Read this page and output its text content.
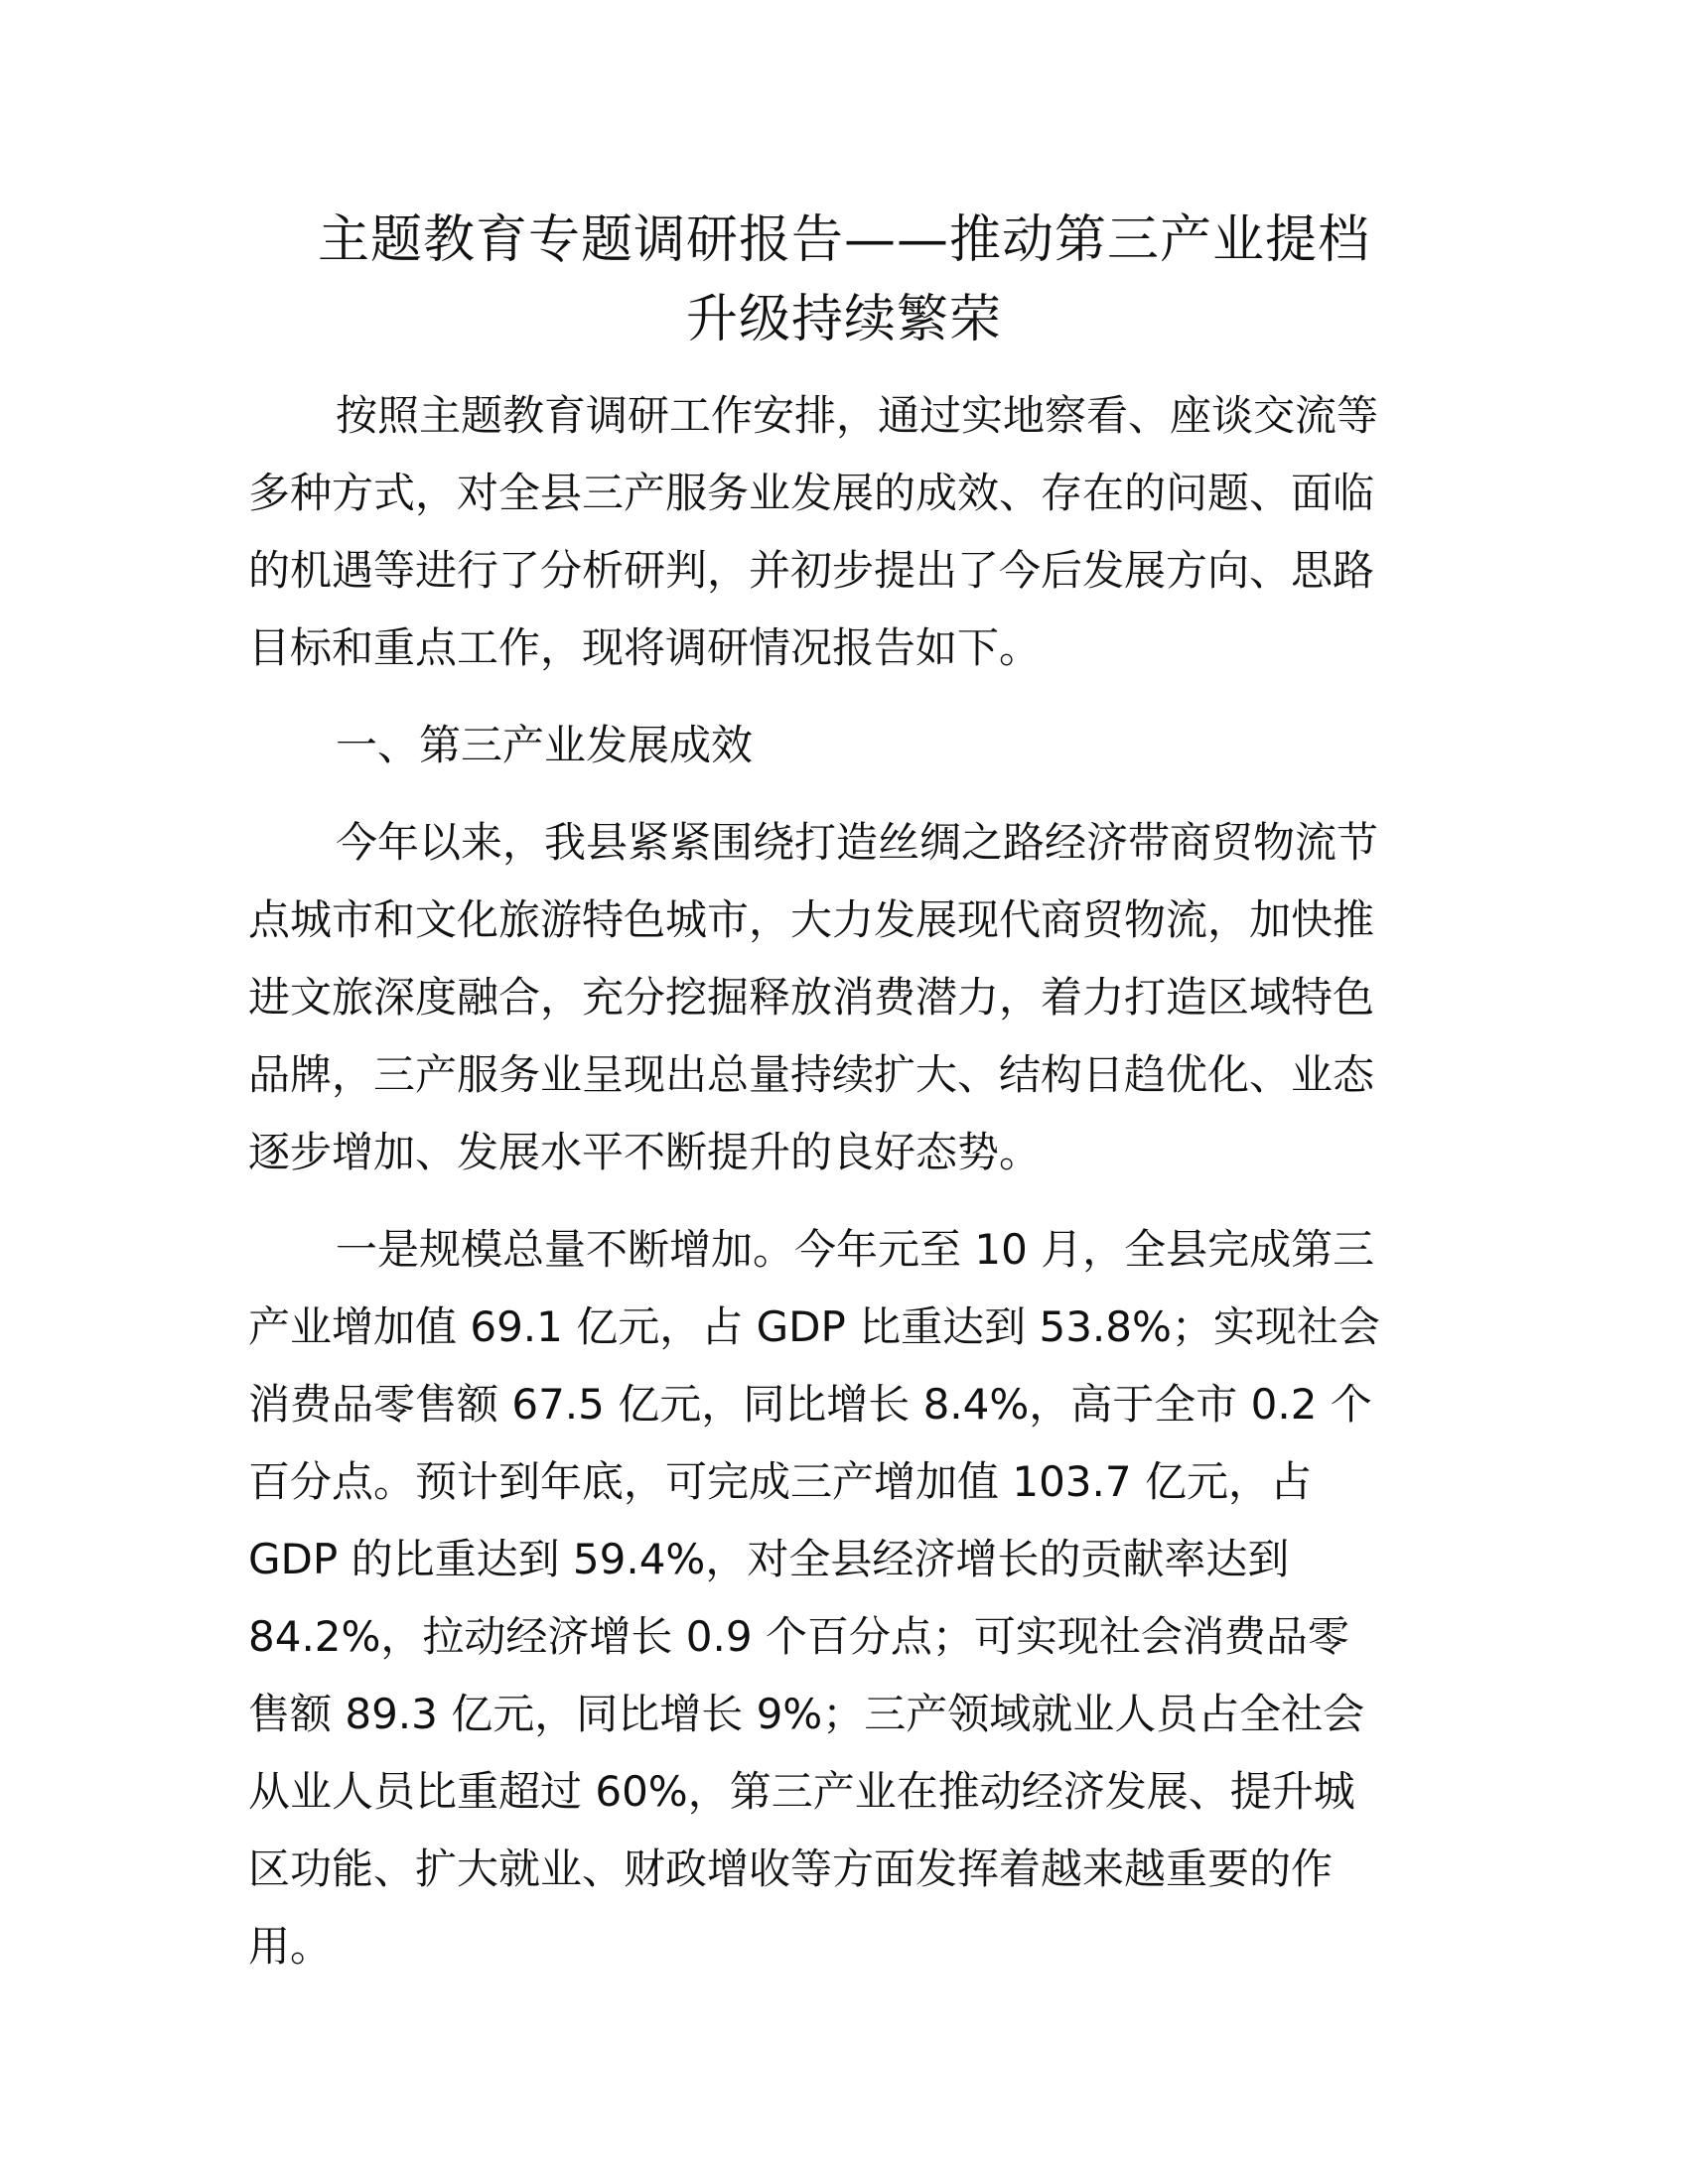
主题教育专题调研报告——推动第三产业提档
升级持续繁荣

按照主题教育调研工作安排，通过实地察看、座谈交流等
多种方式，对全县三产服务业发展的成效、存在的问题、面临
的机遇等进行了分析研判，并初步提出了今后发展方向、思路
目标和重点工作，现将调研情况报告如下。

一、第三产业发展成效

今年以来，我县紧紧围绕打造丝绸之路经济带商贸物流节
点城市和文化旅游特色城市，大力发展现代商贸物流，加快推
进文旅深度融合，充分挖掘释放消费潜力，着力打造区域特色
品牌，三产服务业呈现出总量持续扩大、结构日趋优化、业态
逐步增加、发展水平不断提升的良好态势。

一是规模总量不断增加。今年元至 10 月，全县完成第三
产业增加值 69.1 亿元，占 GDP 比重达到 53.8%；实现社会
消费品零售额 67.5 亿元，同比增长 8.4%，高于全市 0.2 个
百分点。预计到年底，可完成三产增加值 103.7 亿元，占
GDP 的比重达到 59.4%，对全县经济增长的贡献率达到
84.2%，拉动经济增长 0.9 个百分点；可实现社会消费品零
售额 89.3 亿元，同比增长 9%；三产领域就业人员占全社会
从业人员比重超过 60%，第三产业在推动经济发展、提升城
区功能、扩大就业、财政增收等方面发挥着越来越重要的作
用。
